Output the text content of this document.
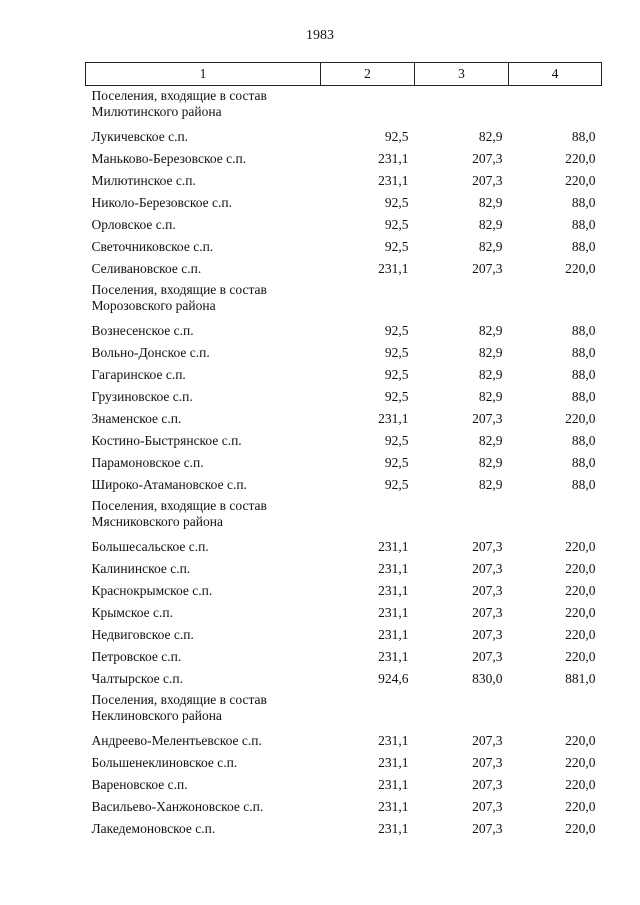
1983
1	2	3	4

Поселения, входящие в состав
Милютинского района			

Лукичевское с.п.	92,5	82,9	88,0
Маньково-Березовское с.п.	231,1	207,3	220,0
Милютинское с.п.	231,1	207,3	220,0
Николо-Березовское с.п.	92,5	82,9	88,0
Орловское с.п.	92,5	82,9	88,0
Светочниковское с.п.	92,5	82,9	88,0
Селивановское с.п.	231,1	207,3	220,0

Поселения, входящие в состав
Морозовского района			

Вознесенское с.п.	92,5	82,9	88,0
Вольно-Донское с.п.	92,5	82,9	88,0
Гагаринское с.п.	92,5	82,9	88,0
Грузиновское с.п.	92,5	82,9	88,0
Знаменское с.п.	231,1	207,3	220,0
Костино-Быстрянское с.п.	92,5	82,9	88,0
Парамоновское с.п.	92,5	82,9	88,0
Широко-Атамановское с.п.	92,5	82,9	88,0

Поселения, входящие в состав
Мясниковского района			

Большесальское с.п.	231,1	207,3	220,0
Калининское с.п.	231,1	207,3	220,0
Краснокрымское с.п.	231,1	207,3	220,0
Крымское с.п.	231,1	207,3	220,0
Недвиговское с.п.	231,1	207,3	220,0
Петровское с.п.	231,1	207,3	220,0
Чалтырское с.п.	924,6	830,0	881,0

Поселения, входящие в состав
Неклиновского района			

Андреево-Мелентьевское с.п.	231,1	207,3	220,0
Большенеклиновское с.п.	231,1	207,3	220,0
Вареновское с.п.	231,1	207,3	220,0
Васильево-Ханжоновское с.п.	231,1	207,3	220,0
Лакедемоновское с.п.	231,1	207,3	220,0
